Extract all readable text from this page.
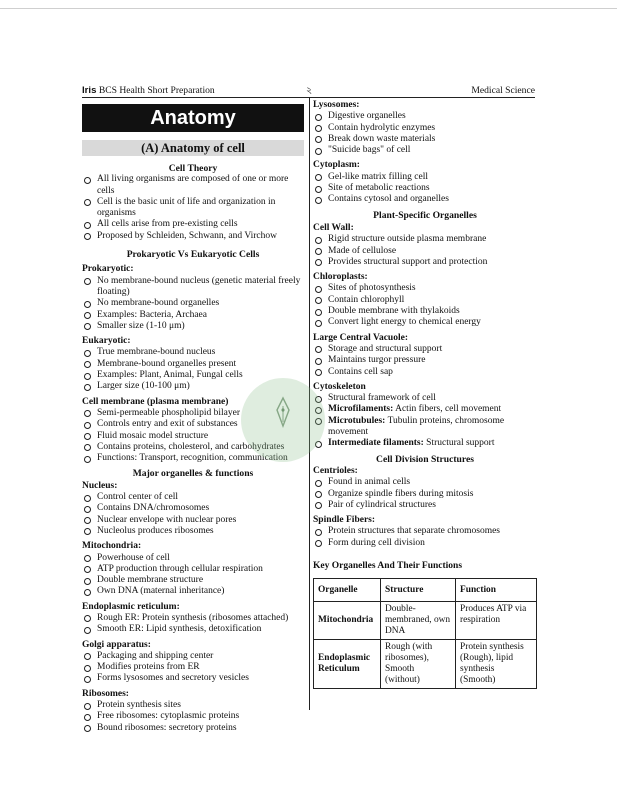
Iris BCS Health Short Preparation	২	Medical Science
Anatomy
(A) Anatomy of cell
Cell Theory
All living organisms are composed of one or more cells
Cell is the basic unit of life and organization in organisms
All cells arise from pre-existing cells
Proposed by Schleiden, Schwann, and Virchow
Prokaryotic Vs Eukaryotic Cells
Prokaryotic:
No membrane-bound nucleus (genetic material freely floating)
No membrane-bound organelles
Examples: Bacteria, Archaea
Smaller size (1-10 μm)
Eukaryotic:
True membrane-bound nucleus
Membrane-bound organelles present
Examples: Plant, Animal, Fungal cells
Larger size (10-100 μm)
Cell membrane (plasma membrane)
Semi-permeable phospholipid bilayer
Controls entry and exit of substances
Fluid mosaic model structure
Contains proteins, cholesterol, and carbohydrates
Functions: Transport, recognition, communication
Major organelles & functions
Nucleus:
Control center of cell
Contains DNA/chromosomes
Nuclear envelope with nuclear pores
Nucleolus produces ribosomes
Mitochondria:
Powerhouse of cell
ATP production through cellular respiration
Double membrane structure
Own DNA (maternal inheritance)
Endoplasmic reticulum:
Rough ER: Protein synthesis (ribosomes attached)
Smooth ER: Lipid synthesis, detoxification
Golgi apparatus:
Packaging and shipping center
Modifies proteins from ER
Forms lysosomes and secretory vesicles
Ribosomes:
Protein synthesis sites
Free ribosomes: cytoplasmic proteins
Bound ribosomes: secretory proteins
Lysosomes:
Digestive organelles
Contain hydrolytic enzymes
Break down waste materials
"Suicide bags" of cell
Cytoplasm:
Gel-like matrix filling cell
Site of metabolic reactions
Contains cytosol and organelles
Plant-Specific Organelles
Cell Wall:
Rigid structure outside plasma membrane
Made of cellulose
Provides structural support and protection
Chloroplasts:
Sites of photosynthesis
Contain chlorophyll
Double membrane with thylakoids
Convert light energy to chemical energy
Large Central Vacuole:
Storage and structural support
Maintains turgor pressure
Contains cell sap
Cytoskeleton
Structural framework of cell
Microfilaments: Actin fibers, cell movement
Microtubules: Tubulin proteins, chromosome movement
Intermediate filaments: Structural support
Cell Division Structures
Centrioles:
Found in animal cells
Organize spindle fibers during mitosis
Pair of cylindrical structures
Spindle Fibers:
Protein structures that separate chromosomes
Form during cell division
Key Organelles And Their Functions
Organelle	Structure	Function
Mitochondria	Double-membraned, own DNA	Produces ATP via respiration
Endoplasmic Reticulum	Rough (with ribosomes), Smooth (without)	Protein synthesis (Rough), lipid synthesis (Smooth)
